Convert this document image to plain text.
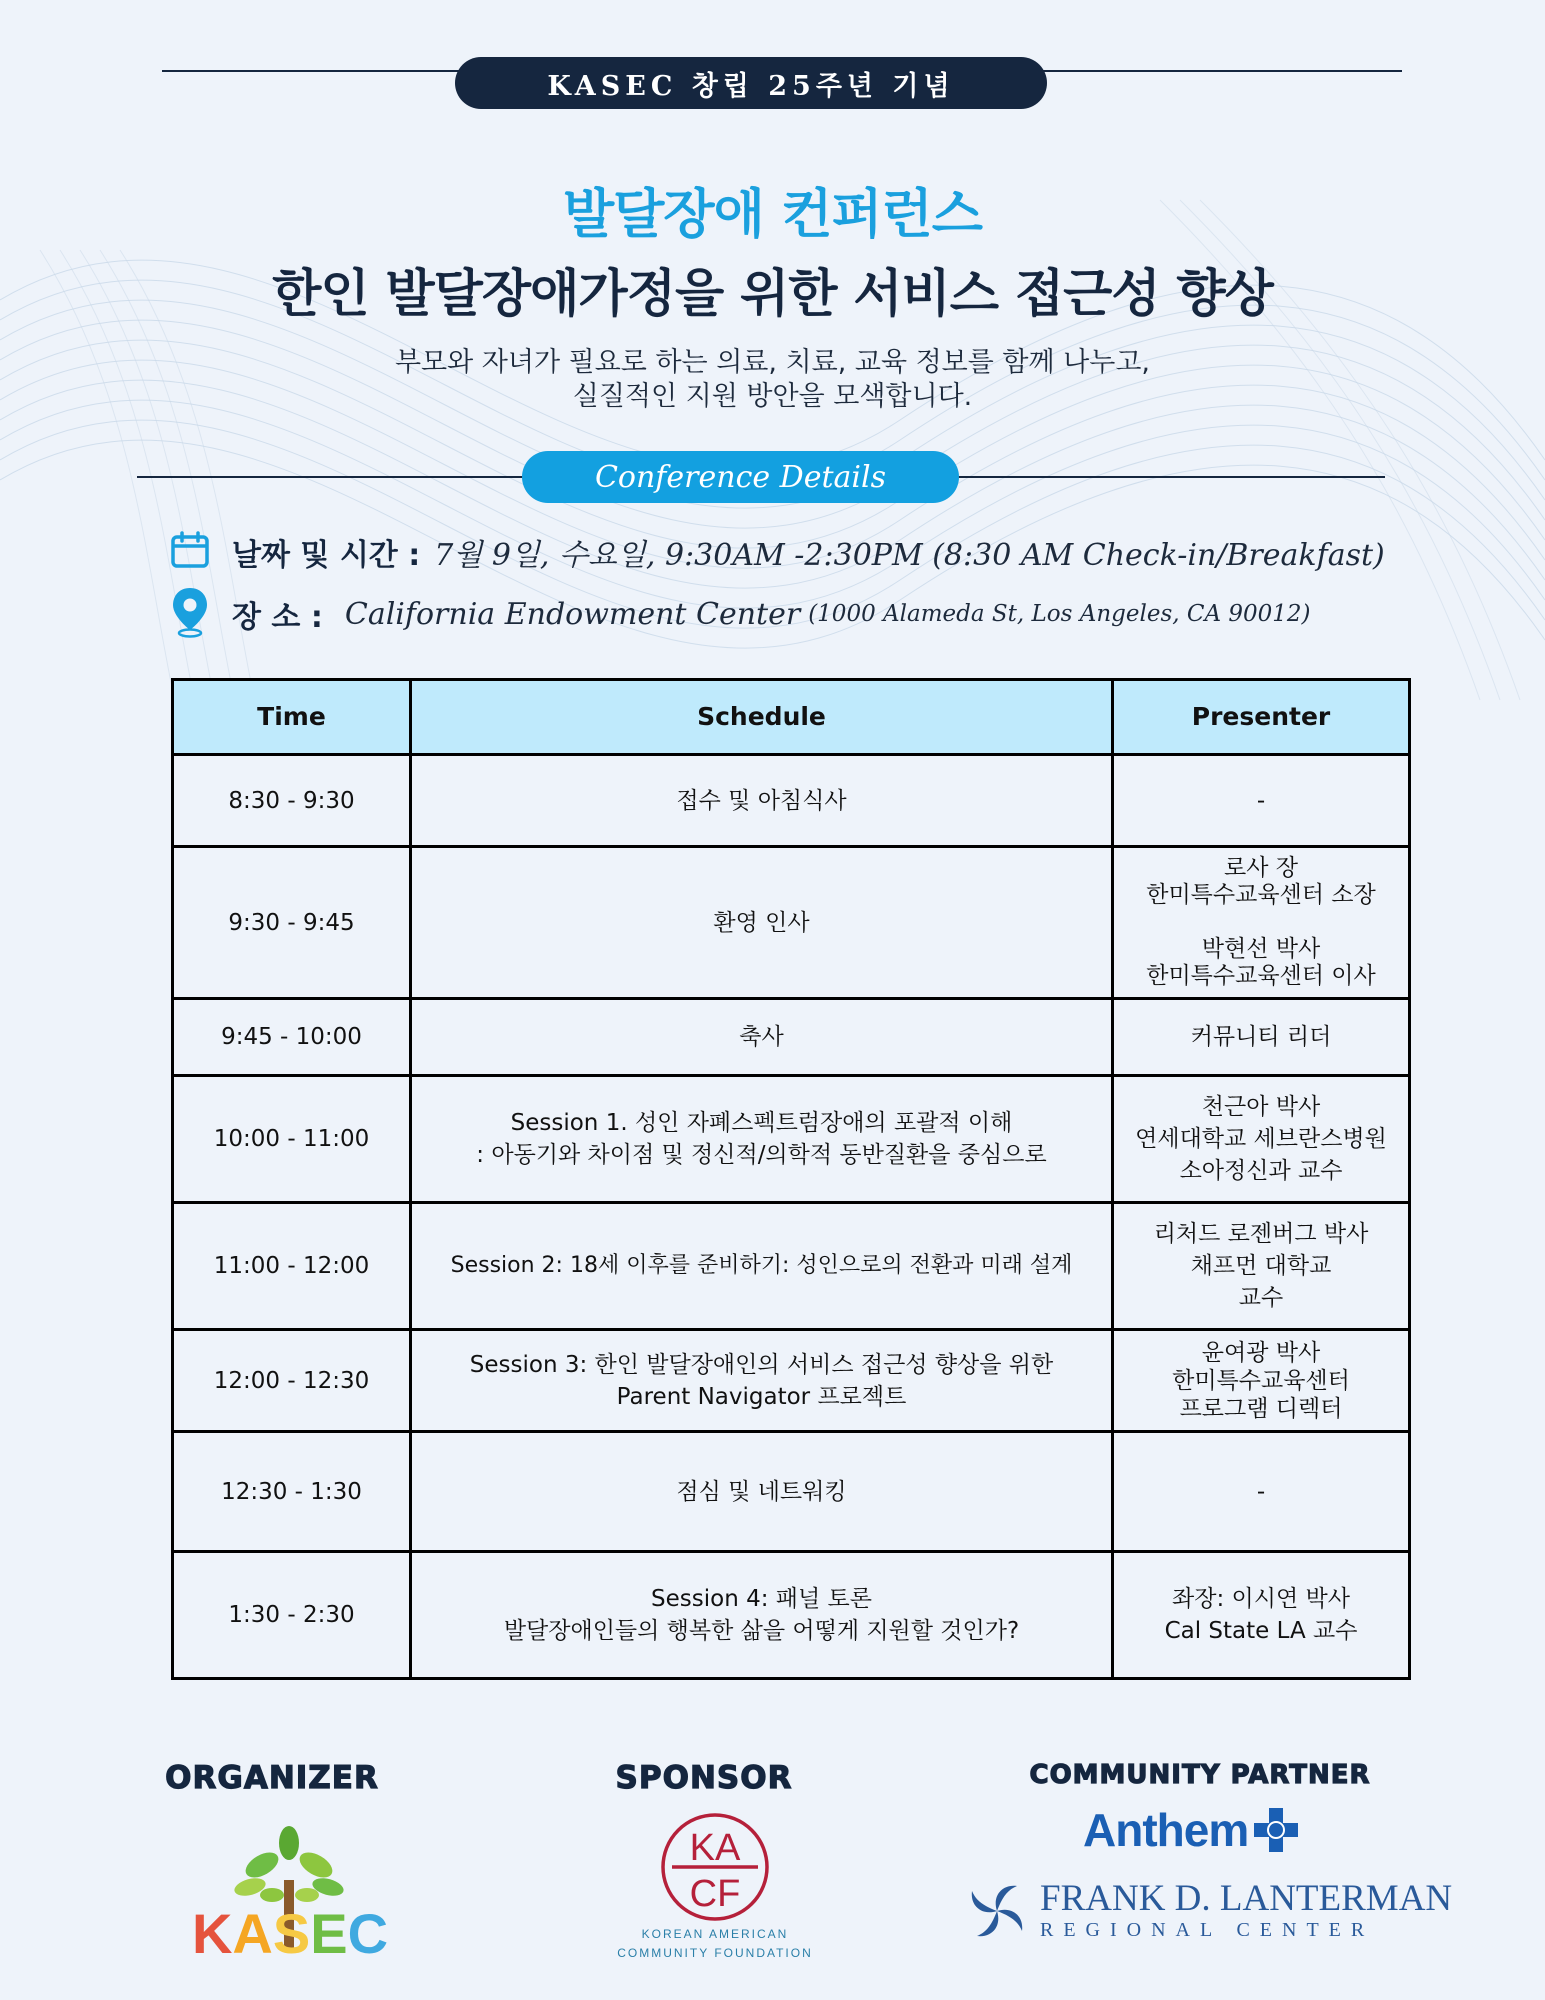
KASEC 창립 25주년 기념
발달장애 컨퍼런스
한인 발달장애가정을 위한 서비스 접근성 향상
부모와 자녀가 필요로 하는 의료, 치료, 교육 정보를 함께 나누고,
실질적인 지원 방안을 모색합니다.
Conference Details
날짜 및 시간 : 7월 9일, 수요일, 9:30AM -2:30PM (8:30 AM Check-in/Breakfast)
장 소 : California Endowment Center (1000 Alameda St, Los Angeles, CA 90012)
Time	Schedule	Presenter
8:30 - 9:30	접수 및 아침식사	-
9:30 - 9:45	환영 인사	로사 장
한미특수교육센터 소장

박현선 박사
한미특수교육센터 이사
9:45 - 10:00	축사	커뮤니티 리더
10:00 - 11:00	Session 1. 성인 자폐스펙트럼장애의 포괄적 이해
: 아동기와 차이점 및 정신적/의학적 동반질환을 중심으로	천근아 박사
연세대학교 세브란스병원
소아정신과 교수
11:00 - 12:00	Session 2: 18세 이후를 준비하기: 성인으로의 전환과 미래 설계	리처드 로젠버그 박사
채프먼 대학교
교수
12:00 - 12:30	Session 3: 한인 발달장애인의 서비스 접근성 향상을 위한
Parent Navigator 프로젝트	윤여광 박사
한미특수교육센터
프로그램 디렉터
12:30 - 1:30	점심 및 네트워킹	-
1:30 - 2:30	Session 4: 패널 토론
발달장애인들의 행복한 삶을 어떻게 지원할 것인가?	좌장: 이시연 박사
Cal State LA 교수
ORGANIZER	SPONSOR	COMMUNITY PARTNER
KASEC
KA
CF
KOREAN AMERICAN
COMMUNITY FOUNDATION
Anthem
FRANK D. LANTERMAN
REGIONAL CENTER
